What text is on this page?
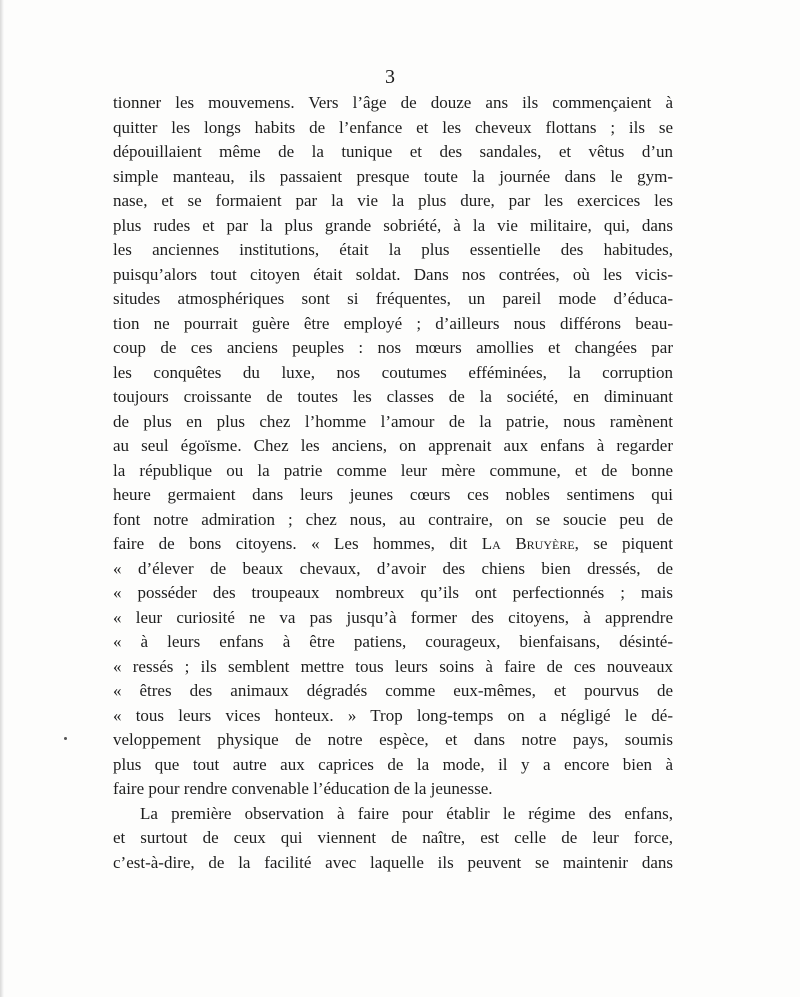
3
tionner les mouvemens. Vers l’âge de douze ans ils commençaient à
quitter les longs habits de l’enfance et les cheveux flottans ; ils se
dépouillaient même de la tunique et des sandales, et vêtus d’un
simple manteau, ils passaient presque toute la journée dans le gym-
nase, et se formaient par la vie la plus dure, par les exercices les
plus rudes et par la plus grande sobriété, à la vie militaire, qui, dans
les anciennes institutions, était la plus essentielle des habitudes,
puisqu’alors tout citoyen était soldat. Dans nos contrées, où les vicis-
situdes atmosphériques sont si fréquentes, un pareil mode d’éduca-
tion ne pourrait guère être employé ; d’ailleurs nous différons beau-
coup de ces anciens peuples : nos mœurs amollies et changées par
les conquêtes du luxe, nos coutumes efféminées, la corruption
toujours croissante de toutes les classes de la société, en diminuant
de plus en plus chez l’homme l’amour de la patrie, nous ramènent
au seul égoïsme. Chez les anciens, on apprenait aux enfans à regarder
la république ou la patrie comme leur mère commune, et de bonne
heure germaient dans leurs jeunes cœurs ces nobles sentimens qui
font notre admiration ; chez nous, au contraire, on se soucie peu de
faire de bons citoyens. « Les hommes, dit La Bruyère, se piquent
« d’élever de beaux chevaux, d’avoir des chiens bien dressés, de
« posséder des troupeaux nombreux qu’ils ont perfectionnés ; mais
« leur curiosité ne va pas jusqu’à former des citoyens, à apprendre
« à leurs enfans à être patiens, courageux, bienfaisans, désinté-
« ressés ; ils semblent mettre tous leurs soins à faire de ces nouveaux
« êtres des animaux dégradés comme eux-mêmes, et pourvus de
« tous leurs vices honteux. » Trop long-temps on a négligé le dé-
veloppement physique de notre espèce, et dans notre pays, soumis
plus que tout autre aux caprices de la mode, il y a encore bien à
faire pour rendre convenable l’éducation de la jeunesse.
La première observation à faire pour établir le régime des enfans,
et surtout de ceux qui viennent de naître, est celle de leur force,
c’est-à-dire, de la facilité avec laquelle ils peuvent se maintenir dans
